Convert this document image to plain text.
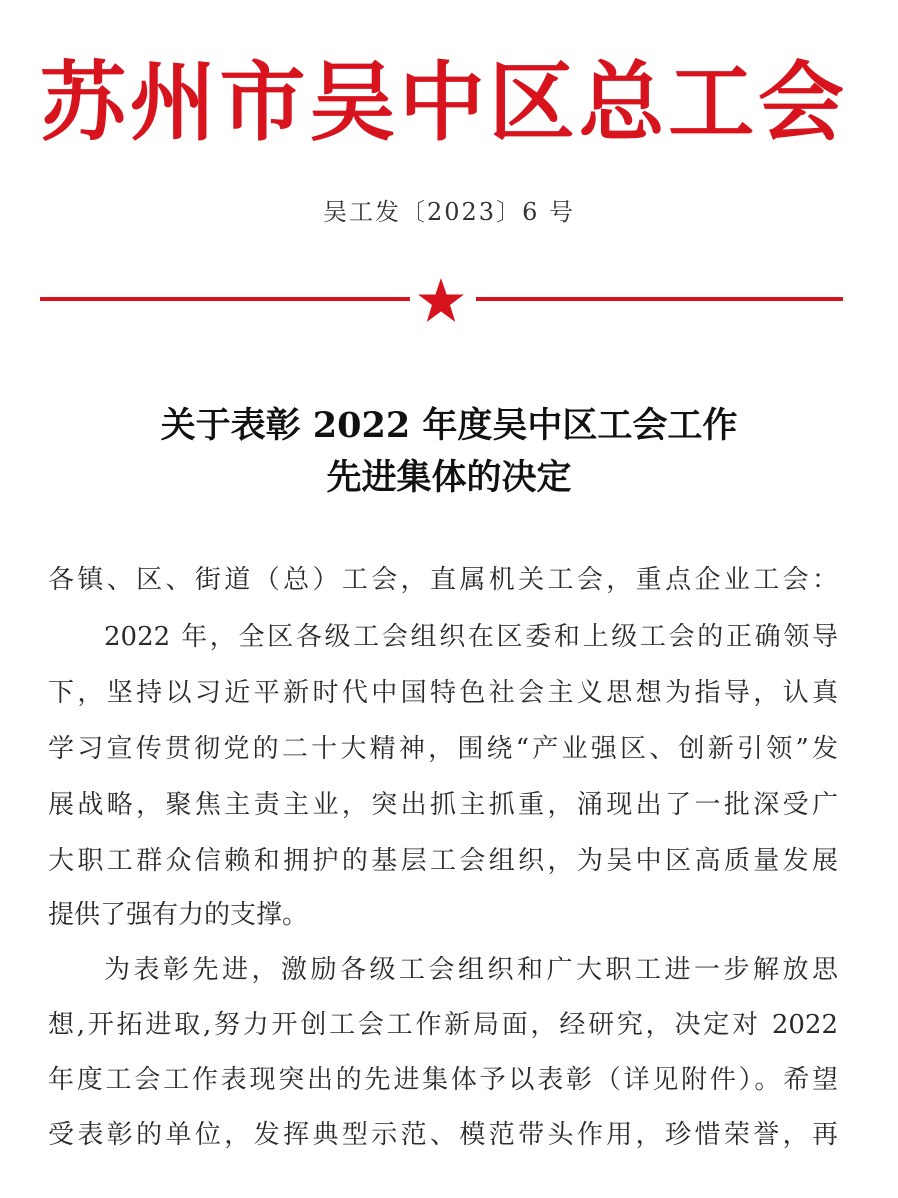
苏州市吴中区总工会
吴工发〔2023〕6 号
关于表彰 2022 年度吴中区工会工作
先进集体的决定
各镇、区、街道（总）工会，直属机关工会，重点企业工会：
2022 年，全区各级工会组织在区委和上级工会的正确领导
下，坚持以习近平新时代中国特色社会主义思想为指导，认真
学习宣传贯彻党的二十大精神，围绕“产业强区、创新引领”发
展战略，聚焦主责主业，突出抓主抓重，涌现出了一批深受广
大职工群众信赖和拥护的基层工会组织，为吴中区高质量发展
提供了强有力的支撑。
为表彰先进，激励各级工会组织和广大职工进一步解放思
想,开拓进取,努力开创工会工作新局面，经研究，决定对 2022
年度工会工作表现突出的先进集体予以表彰（详见附件）。希望
受表彰的单位，发挥典型示范、模范带头作用，珍惜荣誉，再
